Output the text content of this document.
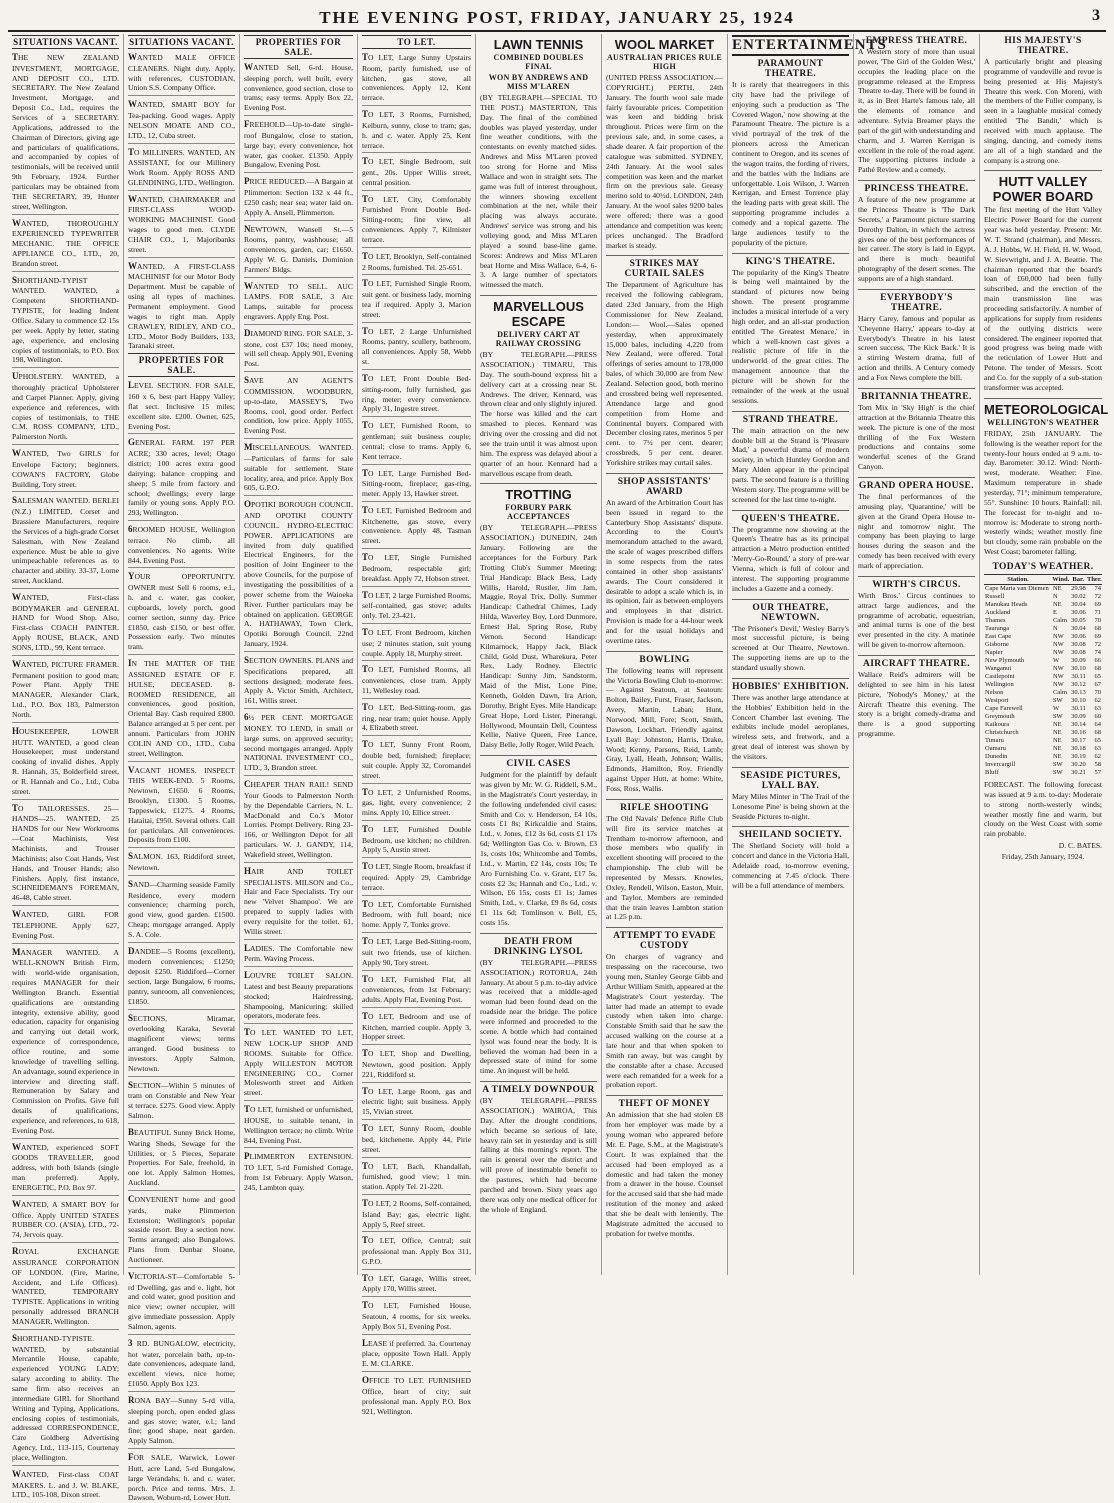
THE EVENING POST, FRIDAY, JANUARY 25, 1924	3
SITUATIONS VACANT.

THE NEW ZEALAND INVESTMENT, MORTGAGE, AND DEPOSIT CO., LTD. SECRETARY. The New Zealand Investment, Mortgage, and Deposit Co., Ltd., requires the Services of a SECRETARY. Applications, addressed to the Chairman of Directors, giving age and particulars of qualifications, and accompanied by copies of testimonials, will be received until 9th February, 1924. Further particulars may be obtained from THE SECRETARY, 39, Hunter street, Wellington.

WANTED, THOROUGHLY EXPERIENCED TYPEWRITER MECHANIC. THE OFFICE APPLIANCE CO., LTD., 20, Brandon street.

SHORTHAND-TYPIST WANTED. WANTED, a Competent SHORTHAND-TYPISTE, for leading Indent Office. Salary to commence £2 15s per week. Apply by letter, stating age, experience, and enclosing copies of testimonials, to P.O. Box 198, Wellington.

UPHOLSTERY. WANTED, a thoroughly practical Upholsterer and Carpet Planner. Apply, giving experience and references, with copies of testimonials, to THE C.M. ROSS COMPANY, LTD., Palmerston North.

WANTED, Two GIRLS for Envelope Factory; beginners. COWAN'S FACTORY, Globe Building, Tory street.

SALESMAN WANTED. BERLEI (N.Z.) LIMITED, Corset and Brassiere Manufacturers, require the Services of a high-grade Corset Salesman, with New Zealand experience. Must be able to give unimpeachable references as to character and ability. 33-37, Lorne street, Auckland.

WANTED, First-class BODYMAKER and GENERAL HAND for Wood Shop. Also, First-class COACH PAINTER. Apply ROUSE, BLACK, AND SONS, LTD., 99, Kent terrace.

WANTED, PICTURE FRAMER. Permanent position to good man; Power Plant. Apply THE MANAGER, Alexander Clark, Ltd., P.O. Box 183, Palmerston North.

HOUSEKEEPER, LOWER HUTT. WANTED, a good clean Housekeeper; must understand cooking of invalid dishes. Apply R. Hannah, 35, Bolderfield street, or R. Hannah and Co., Ltd., Cuba street.

TO TAILORESSES. 25—HANDS—25. WANTED, 25 HANDS for our New Workrooms—Coat Machinists, Vest Machinists, and Trouser Machinists; also Coat Hands, Vest Hands, and Trouser Hands; also Finishers. Apply, first instance, SCHNEIDEMAN'S FOREMAN, 46-48, Cable street.

WANTED, GIRL FOR TELEPHONE. Apply 627, Evening Post.

MANAGER WANTED. A WELL-KNOWN British Firm, with world-wide organisation, requires MANAGER for their Wellington Branch. Essential qualifications are outstanding integrity, extensive ability, good education, capacity for organising and carrying out detail work, experience of correspondence, office routine, and some knowledge of travelling selling. An advantage, sound experience in interview and directing staff. Remuneration by Salary and Commission on Profits. Give full details of qualifications, experience, and references, to 618, Evening Post.

WANTED, experienced SOFT GOODS TRAVELLER, good address, with both Islands (single man preferred). Apply, ENERGETIC, P.O. Box 97.

WANTED, A SMART BOY for Office. Apply UNITED STATES RUBBER CO. (A'SIA), LTD., 72-74, Jervois quay.

ROYAL EXCHANGE ASSURANCE CORPORATION OF LONDON. (Fire, Marine, Accident, and Life Offices). WANTED, TEMPORARY TYPISTE. Applications in writing personally addressed BRANCH MANAGER, Wellington.

SHORTHAND-TYPISTE. WANTED, by substantial Mercantile House, capable, experienced YOUNG LADY; salary according to ability. The same firm also receives an intermediate GIRL for Shorthand Writing and Typing, Applications, enclosing copies of testimonials, addressed CORRESPONDENCE, Care Goldberg Advertising Agency, Ltd., 113-115, Courtenay place, Wellington.

WANTED, First-class COAT MAKERS. L. and J. W. BLAKE, LTD., 105-108, Dixon street.

SITUATIONS VACANT.

WANTED MALE OFFICE CLEANERS. Night duty. Apply, with references, CUSTODIAN, Union S.S. Company Office.

WANTED, SMART BOY for Tea-packing. Good wages. Apply NELSON MOATE AND CO., LTD., 12, Cuba street.

TO MILLINERS. WANTED, AN ASSISTANT, for our Millinery Work Room. Apply ROSS AND GLENDINING, LTD., Wellington.

WANTED, CHAIRMAKER and FIRST-CLASS WOOD-WORKING MACHINIST. Good wages to good men. CLYDE CHAIR CO., 1, Majoribanks street.

WANTED, A FIRST-CLASS MACHINIST for our Motor Body Department. Must be capable of using all types of machines. Permanent employment. Good wages to right man. Apply CRAWLEY, RIDLEY, AND CO., LTD., Motor Body Builders, 133, Taranaki street.

PROPERTIES FOR SALE.

LEVEL SECTION. FOR SALE, 160 x 6, best part Happy Valley; flat sect. Inclusive 15 miles; excellent site. £200. Owner, 625, Evening Post.

GENERAL FARM. 197 PER ACRE; 330 acres, level; Otago district; 100 acres extra good dairying; balance cropping and sheep; 5 mile from factory and school; dwellings; every large family or young sons. Apply P.O. 293, Wellington.

6ROOMED HOUSE, Wellington terrace. No climb, all conveniences. No agents. Write 844, Evening Post.

YOUR OPPORTUNITY. OWNER must Sell 6 rooms, e.l., h. and c. water, gas cooker, cupboards, lovely porch, good corner section, sunny day. Price £1850, cash £150, or best offer. Possession early. Two minutes tram.

IN THE MATTER OF THE ASSIGNED ESTATE OF F. HULSE, DECEASED. 8-ROOMED RESIDENCE, all conveniences, good position, Oriental Bay. Cash required £800. Balance arranged at 5 per cent. per annum. Particulars from JOHN COLIN AND CO., LTD., Cuba street, Wellington.

VACANT HOMES. INSPECT THIS WEEK-END. 5 Rooms, Newtown, £1650. 6 Rooms, Brooklyn, £1300. 5 Rooms, Tappeswick, £1275. 4 Rooms, Hataitai, £950. Several others. Call for particulars. All conveniences. Deposits from £100.

SALMON. 163, Riddiford street, Newtown.

SAND—Charming seaside Family Residence, every modern convenience; charming porch, good view, good garden. £1500. Cheap; mortgage arranged. Apply S. A. Cole.

DANDEE—5 Rooms (excellent), modern conveniences; £1250; deposit £250. Riddiford—Corner section, large Bungalow, 6 rooms, pantry, sunroom, all conveniences; £1850.

SECTIONS, Miramar, overlooking Karaka, Several magnificent views; terms arranged. Good business to investors. Apply Salmon, Newtown.

SECTION—Within 5 minutes of tram on Constable and New Year st terrace. £275. Good view. Apply Salmon.

BEAUTIFUL Sunny Brick Home, Waring Sheds, Sewage for the Utilities, or 5 Pieces, Separate Properties. For Sale, freehold, in one lot. Apply Salmon Homes, Auckland.

CONVENIENT home and good yards, make Plimmerton Extension; Wellington's popular seaside resort. Buy a section now. Terms arranged; also Bungalows. Plans from Dunbar Sloane, Auctioneer.

VICTORIA-ST—Comfortable 5-rd Dwelling, gas and e. light, hot and cold water, good position and nice view; owner occupier, will give immediate possession. Apply Salmon, agents.

3 RD. BUNGALOW, electricity, hot water, porcelain bath, up-to-date conveniences, adequate land, excellent views, nice home; £1050. Apply Box 123.

RONA BAY—Sunny 5-rd villa, sleeping porch, open ended glass and gas stove; water, e.l.; land fine; good shape, neat garden. Apply Salmon.

FOR SALE, Warwick, Lower Hutt, acre Land, 5-rd Bungalow, large Verandahs, h. and c. water, porch. Price and terms. Mrs. J. Dawson, Woburn-rd, Lower Hutt.

PROPERTIES FOR SALE.

WANTED Sell, 6-rd. House, sleeping porch, well built, every convenience, good section, close to trams; easy terms. Apply Box 22, Evening Post.

FREEHOLD—Up-to-date single-roof Bungalow, close to station, large bay; every convenience, hot water, gas cooker. £1350. Apply Bungalow, Evening Post.

PRICE REDUCED.—A Bargain at Plimmerton: Section 132 x 44 ft., £250 cash; near sea; water laid on. Apply A. Ansell, Plimmerton.

NEWTOWN, Wansell St.—5 Rooms, pantry, washhouse; all conveniences, garden, car; £1650. Apply W. G. Daniels, Dominion Farmers' Bldgs.

WANTED TO SELL. AUC LAMPS. FOR SALE, 3 Arc Lamps, suitable for process engravers. Apply Eng. Post.

DIAMOND RING. FOR SALE, 3-stone, cost £37 10s; need money, will sell cheap. Apply 901, Evening Post.

SAVE AN AGENT'S COMMISSION. WOODBURN, up-to-date, MASSEY'S, Two Rooms, cool, good order. Perfect condition, low price. Apply 1055, Evening Post.

MISCELLANEOUS. WANTED.—Particulars of farms for sale suitable for settlement. State locality, area, and price. Apply Box 605, G.P.O.

OPOTIKI BOROUGH COUNCIL AND OPOTIKI COUNTY COUNCIL. HYDRO-ELECTRIC POWER. APPLICATIONS are invited from duly qualified Electrical Engineers, for the position of Joint Engineer to the above Councils, for the purpose of investigating the possibilities of a power scheme from the Waioeka River. Further particulars may be obtained on application. GEORGE A. HATHAWAY, Town Clerk, Opotiki Borough Council. 22nd January, 1924.

SECTION OWNERS. PLANS and Specifications prepared, all sections designed; moderate fees. Apply A. Victor Smith, Architect, 161, Willis street.

6½ PER CENT. MORTGAGE MONEY. TO LEND, in small or large sums, on approved security; second mortgages arranged. Apply NATIONAL INVESTMENT CO., LTD., 3, Brandon street.

CHEAPER THAN RAIL! SEND Your Goods to Palmerston North by the Dependable Carriers, N. L. MacDonald and Co.'s Motor Lorries. Prompt Delivery. Ring 23-166, or Wellington Depot for all particulars. W. J. GANDY, 114, Wakefield street, Wellington.

HAIR AND TOILET SPECIALISTS. MILSON and Co., Hair and Face Specialists. Try our new 'Velvet Shampoo'. We are prepared to supply ladies with every requisite for the toilet. 61, Willis street.

LADIES. The Comfortable new Perm. Waving Process.

LOUVRE TOILET SALON. Latest and best Beauty preparations stocked; Hairdressing, Shampooing, Manicuring; skilled operators, moderate fees.

TO LET. WANTED TO LET, NEW LOCK-UP SHOP AND ROOMS. Suitable for Office. Apply WILLESTON MOTOR ENGINEERING CO., Corner Molesworth street and Aitken street.

TO LET, furnished or unfurnished, HOUSE, to suitable tenant, in Wellington terrace; no climb. Write 844, Evening Post.

PLIMMERTON EXTENSION. TO LET, 5-rd Furnished Cottage, from 1st February. Apply Watson, 245, Lambton quay.

TO LET.

TO LET, Large Sunny Upstairs Room, partly furnished, use of kitchen, gas stove, all conveniences. Apply 12, Kent terrace.

TO LET, 3 Rooms, Furnished, Kelburn, sunny, close to tram; gas, h. and c. water. Apply 25, Kent terrace.

TO LET, Single Bedroom, suit gent., 20s. Upper Willis street, central position.

TO LET, City, Comfortably Furnished Front Double Bed-Sitting-room; fine view, all conveniences. Apply 7, Kilmister terrace.

TO LET, Brooklyn, Self-contained 2 Rooms, furnished. Tel. 25-651.

TO LET, Furnished Single Room, suit gent. or business lady, morning tea if required. Apply 3, Marion street.

TO LET, 2 Large Unfurnished Rooms, pantry, scullery, bathroom, all conveniences. Apply 58, Webb st.

TO LET, Front Double Bed-sitting-room, fully furnished, gas ring, meter; every convenience. Apply 31, Ingestre street.

TO LET, Furnished Room, to gentleman; suit business couple; central; close to trams. Apply 6, Kent terrace.

TO LET, Large Furnished Bed-Sitting-room, fireplace; gas-ring, meter. Apply 13, Hawker street.

TO LET, Furnished Bedroom and Kitchenette, gas stove, every convenience. Apply 48, Tasman street.

TO LET, Single Furnished Bedroom, respectable girl; breakfast. Apply 72, Hobson street.

TO LET, 2 large Furnished Rooms, self-contained, gas stove; adults only. Tel. 23-421.

TO LET, Front Bedroom, kitchen use; 2 minutes station, suit young couple. Apply 18, Murphy street.

TO LET, Furnished Rooms, all conveniences, close tram. Apply 11, Wellesley road.

TO LET, Bed-Sitting-room, gas ring, near tram; quiet house. Apply 4, Elizabeth street.

TO LET, Sunny Front Room, double bed, furnished; fireplace; suit couple. Apply 32, Coromandel street.

TO LET, 2 Unfurnished Rooms, gas, light, every convenience; 2 mins. Apply 10, Ellice street.

TO LET, Furnished Double Bedroom, use kitchen; no children. Apply 5, Austin street.

TO LET, Single Room, breakfast if required. Apply 29, Cambridge terrace.

TO LET, Comfortable Furnished Bedroom, with full board; nice home. Apply 7, Tonks grove.

TO LET, Large Bed-Sitting-room, suit two friends, use of kitchen. Apply 90, Tory street.

TO LET, Furnished Flat, all conveniences, from 1st February; adults. Apply Flat, Evening Post.

TO LET, Bedroom and use of Kitchen, married couple. Apply 3, Hopper street.

TO LET, Shop and Dwelling, Newtown, good position. Apply 221, Riddiford st.

TO LET, Large Room, gas and electric light; suit business. Apply 15, Vivian street.

TO LET, Sunny Room, double bed, kitchenette. Apply 44, Pirie street.

TO LET, Bach, Khandallah, furnished, good view; 1 min. station. Apply Tel. 21-220.

TO LET, 2 Rooms, Self-contained, Island Bay; gas, electric light. Apply 5, Reef street.

TO LET, Office, Central; suit professional man. Apply Box 311, G.P.O.

TO LET, Garage, Willis street, Apply 170, Willis street.

TO LET, Furnished House, Seatoun, 4 rooms, for six weeks. Apply Box 51, Evening Post.

LEASE if preferred. 3a. Courtenay place, opposite Town Hall. Apply E. M. CLARKE.

OFFICE TO LET. FURNISHED Office, heart of city; suit professional man. Apply P.O. Box 921, Wellington.

LAWN TENNIS
COMBINED DOUBLES FINAL
WON BY ANDREWS AND MISS M'LAREN

(BY TELEGRAPH.—SPECIAL TO THE POST.) MASTERTON, This Day. The final of the combined doubles was played yesterday, under fine weather conditions, with the contestants on evenly matched sides. Andrews and Miss M'Laren proved too strong for Horne and Miss Wallace and won in straight sets. The game was full of interest throughout, the winners showing excellent combination at the net, while their placing was always accurate. Andrews' service was strong and his volleying good, and Miss M'Laren played a sound base-line game. Scores: Andrews and Miss M'Laren beat Horne and Miss Wallace, 6-4, 6-3. A large number of spectators witnessed the match.

MARVELLOUS ESCAPE
DELIVERY CART AT RAILWAY CROSSING

(BY TELEGRAPH.—PRESS ASSOCIATION.) TIMARU, This Day. The south-bound express hit a delivery cart at a crossing near St. Andrews. The driver, Kennard, was thrown clear and only slightly injured. The horse was killed and the cart smashed to pieces. Kennard was driving over the crossing and did not see the train until it was almost upon him. The express was delayed about a quarter of an hour. Kennard had a marvellous escape from death.

TROTTING
FORBURY PARK ACCEPTANCES

(BY TELEGRAPH.—PRESS ASSOCIATION.) DUNEDIN, 24th January. Following are the acceptances for the Forbury Park Trotting Club's Summer Meeting: Trial Handicap: Black Bess, Lady Willis, Harold, Rustler, Jim Jam, Maggie, Royal Trix, Dolly. Summer Handicap: Cathedral Chimes, Lady Hilda, Waverley Boy, Lord Dunmore, Ernest Hal, Spring Rose, Ruby Vernon. Second Handicap: Kilmarnock, Happy Jack, Black Child, Gold Dust, Wharekura, Peter Rex, Lady Rodney. Electric Handicap: Sunny Jim, Sandstorm, Maid of the Mist, Lone Pine, Kenneth, Golden Dawn, Ira Arion, Dorothy, Bright Eyes. Mile Handicap: Great Hope, Lord Lister, Pinerangi, Hollywood, Mountain Dell, Countess Kellie, Native Queen, Free Lance, Daisy Belle, Jolly Roger, Wild Peach.

CIVIL CASES

Judgment for the plaintiff by default was given by Mr. W. G. Riddell, S.M., in the Magistrate's Court yesterday, in the following undefended civil cases: Smith and Co. v. Henderson, £4 10s, costs £1 8s; Kirkcaldie and Stains, Ltd., v. Jones, £12 3s 6d, costs £1 17s 6d; Wellington Gas Co. v. Brown, £3 1s, costs 10s; Whitcombe and Tombs, Ltd., v. Martin, £2 14s, costs 10s; Te Aro Furnishing Co. v. Grant, £17 5s, costs £2 3s; Hannah and Co., Ltd., v. Wilson, £6 15s, costs £1 1s; James Smith, Ltd., v. Clarke, £9 8s 6d, costs £1 11s 6d; Tomlinson v. Bell, £5, costs 15s.

DEATH FROM DRINKING LYSOL

(BY TELEGRAPH.—PRESS ASSOCIATION.) ROTORUA, 24th January. At about 5 p.m. to-day advice was received that a middle-aged woman had been found dead on the roadside near the bridge. The police were informed and proceeded to the scene. A bottle which had contained lysol was found near the body. It is believed the woman had been in a depressed state of mind for some time. An inquest will be held.

A TIMELY DOWNPOUR

(BY TELEGRAPH.—PRESS ASSOCIATION.) WAIROA, This Day. After the drought conditions, which became so serious of late, heavy rain set in yesterday and is still falling at this morning's report. The rain is general over the district and will prove of inestimable benefit to the pastures, which had become parched and brown. Sixty years ago there was only one medical officer for the whole of England.

WOOL MARKET
AUSTRALIAN PRICES RULE HIGH

(UNITED PRESS ASSOCIATION.—COPYRIGHT.) PERTH, 24th January. The fourth wool sale made fairly favourable prices. Competition was keen and bidding brisk throughout. Prices were firm on the previous sale, and, in some cases, a shade dearer. A fair proportion of the catalogue was submitted. SYDNEY, 24th January. At the wool sales competition was keen and the market firm on the previous sale. Greasy merino sold to 40½d. LONDON, 24th January. At the wool sales 9200 bales were offered; there was a good attendance and competition was keen; prices unchanged. The Bradford market is steady.

STRIKES MAY CURTAIL SALES

The Department of Agriculture has received the following cablegram, dated 23rd January, from the High Commissioner for New Zealand, London:— Wool.—Sales opened yesterday, when approximately 15,000 bales, including 4,220 from New Zealand, were offered. Total offerings of series amount to 178,000 bales, of which 30,000 are from New Zealand. Selection good, both merino and crossbred being well represented. Attendance large and good competition from Home and Continental buyers. Compared with December closing rates, merinos 5 per cent. to 7½ per cent. dearer; crossbreds, 5 per cent. dearer. Yorkshire strikes may curtail sales.

SHOP ASSISTANTS' AWARD

An award of the Arbitration Court has been issued in regard to the Canterbury Shop Assistants' dispute. According to the Court's memorandum attached to the award, the scale of wages prescribed differs in some respects from the rates contained in other shop assistants' awards. The Court considered it desirable to adopt a scale which is, in its opinion, fair as between employers and employees in that district. Provision is made for a 44-hour week and for the usual holidays and overtime rates.

BOWLING

The following teams will represent the Victoria Bowling Club to-morrow:— Against Seatoun, at Seatoun: Bolton, Bailey, Furst, Fraser, Jackson, Avery, Martin, Laban; Hunt, Norwood, Mill, Fore; Scott, Smith, Dawson, Lockhart. Friendly against Lyall Bay: Johnston, Harris, Drake, Wood; Kenny, Parsons, Reid, Lamb; Gray, Lyall, Heath, Johnson; Wallis, Edmonds, Hamilton, Roy. Friendly against Upper Hutt, at home: White, Foss, Ross, Wallis.

RIFLE SHOOTING

The Old Navals' Defence Rifle Club will fire its service matches at Trentham to-morrow afternoon, and those members who qualify in excellent shooting will proceed to the championship. The club will be represented by Messrs. Knowles, Oxley, Rendell, Wilson, Easton, Muir, and Taylor. Members are reminded that the train leaves Lambton station at 1.25 p.m.

ATTEMPT TO EVADE CUSTODY

On charges of vagrancy and trespassing on the racecourse, two young men, Stanley George Gibb and Arthur William Smith, appeared at the Magistrate's Court yesterday. The latter had made an attempt to evade custody when taken into charge. Constable Smith said that he saw the accused walking on the course at a late hour and that when spoken to Smith ran away, but was caught by the constable after a chase. Accused were each remanded for a week for a probation report.

THEFT OF MONEY

An admission that she had stolen £8 from her employer was made by a young woman who appeared before Mr. E. Page, S.M., at the Magistrate's Court. It was explained that the accused had been employed as a domestic and had taken the money from a drawer in the house. Counsel for the accused said that she had made restitution of the money and asked that she be dealt with leniently. The Magistrate admitted the accused to probation for twelve months.

ENTERTAINMENTS
PARAMOUNT THEATRE.

It is rarely that theatregoers in this city have had the privilege of enjoying such a production as 'The Covered Wagon,' now showing at the Paramount Theatre. The picture is a vivid portrayal of the trek of the pioneers across the American continent to Oregon, and its scenes of the wagon trains, the fording of rivers, and the battles with the Indians are unforgettable. Lois Wilson, J. Warren Kerrigan, and Ernest Torrence play the leading parts with great skill. The supporting programme includes a comedy and a topical gazette. The large audiences testify to the popularity of the picture.

KING'S THEATRE.

The popularity of the King's Theatre is being well maintained by the standard of pictures now being shown. The present programme includes a musical interlude of a very high order, and an all-star production entitled 'The Greatest Menace,' in which a well-known cast gives a realistic picture of life in the underworld of the great cities. The management announce that the picture will be shown for the remainder of the week at the usual sessions.

STRAND THEATRE.

The main attraction on the new double bill at the Strand is 'Pleasure Mad,' a powerful drama of modern society, in which Huntley Gordon and Mary Alden appear in the principal parts. The second feature is a thrilling Western story. The programme will be screened for the last time to-night.

QUEEN'S THEATRE.

The programme now showing at the Queen's Theatre has as its principal attraction a Metro production entitled 'Merry-Go-Round,' a story of pre-war Vienna, which is full of colour and interest. The supporting programme includes a Gazette and a comedy.

OUR THEATRE, NEWTOWN.

'The Prisoner's Devil,' Wesley Barry's most successful picture, is being screened at Our Theatre, Newtown. The supporting items are up to the standard usually shown.

HOBBIES' EXHIBITION.

There was another large attendance at the Hobbies' Exhibition held in the Concert Chamber last evening. The exhibits include model aeroplanes, wireless sets, and fretwork, and a great deal of interest was shown by the visitors.

SEASIDE PICTURES, LYALL BAY.

Mary Miles Minter in 'The Trail of the Lonesome Pine' is being shown at the Seaside Pictures to-night.

SHEILAND SOCIETY.

The Shetland Society will hold a concert and dance in the Victoria Hall, Adelaide road, to-morrow evening, commencing at 7.45 o'clock. There will be a full attendance of members.

EMPRESS THEATRE.

A Western story of more than usual power, 'The Girl of the Golden West,' occupies the leading place on the programme released at the Empress Theatre to-day. There will be found in it, as in Bret Harte's famous tale, all the elements of romance and adventure. Sylvia Breamer plays the part of the girl with understanding and charm, and J. Warren Kerrigan is excellent in the role of the road agent. The supporting pictures include a Pathé Review and a comedy.

PRINCESS THEATRE.

A feature of the new programme at the Princess Theatre is 'The Dark Secrets,' a Paramount picture starring Dorothy Dalton, in which the actress gives one of the best performances of her career. The story is laid in Egypt, and there is much beautiful photography of the desert scenes. The supports are of a high standard.

EVERYBODY'S THEATRE.

Harry Carey, famous and popular as 'Cheyenne Harry,' appears to-day at Everybody's Theatre in his latest screen success, 'The Kick Back.' It is a stirring Western drama, full of action and thrills. A Century comedy and a Fox News complete the bill.

BRITANNIA THEATRE.

Tom Mix in 'Sky High' is the chief attraction at the Britannia Theatre this week. The picture is one of the most thrilling of the Fox Western productions and contains some wonderful scenes of the Grand Canyon.

GRAND OPERA HOUSE.

The final performances of the amusing play, 'Quarantine,' will be given at the Grand Opera House to-night and tomorrow night. The company has been playing to large houses during the season and the comedy has been received with every mark of appreciation.

WIRTH'S CIRCUS.

Wirth Bros.' Circus continues to attract large audiences, and the programme of acrobatic, equestrian, and animal turns is one of the best ever presented in the city. A matinée will be given to-morrow afternoon.

AIRCRAFT THEATRE.

Wallace Reid's admirers will be delighted to see him in his latest picture, 'Nobody's Money,' at the Aircraft Theatre this evening. The story is a bright comedy-drama and there is a good supporting programme.

HIS MAJESTY'S THEATRE.

A particularly bright and pleasing programme of vaudeville and revue is being presented at His Majesty's Theatre this week. Con Moreni, with the members of the Fuller company, is seen in a laughable musical comedy entitled 'The Bandit,' which is received with much applause. The singing, dancing, and comedy items are all of a high standard and the company is a strong one.

HUTT VALLEY POWER BOARD

The first meeting of the Hutt Valley Electric Power Board for the current year was held yesterday. Present: Mr. W. T. Strand (chairman), and Messrs. A. J. Hobbs, W. H. Field, H. W. Wood, W. Sievwright, and J. A. Beattie. The chairman reported that the board's loan of £60,000 had been fully subscribed, and the erection of the main transmission line was proceeding satisfactorily. A number of applications for supply from residents of the outlying districts were considered. The engineer reported that good progress was being made with the reticulation of Lower Hutt and Petone. The tender of Messrs. Scott and Co. for the supply of a sub-station transformer was accepted.

METEOROLOGICAL
WELLINGTON'S WEATHER

FRIDAY, 25th JANUARY. The following is the weather report for the twenty-four hours ended at 9 a.m. to-day. Barometer: 30.12. Wind: North-west, moderate. Weather: Fine. Maximum temperature in shade yesterday, 71°; minimum temperature, 55°. Sunshine: 10 hours. Rainfall: nil. The forecast for to-night and to-morrow is: Moderate to strong north-westerly winds; weather mostly fine but cloudy, some rain probable on the West Coast; barometer falling.

TODAY'S WEATHER.
Station.	Wind.	Bar.	Ther.
Cape Maria van Diemen	NE	29.98	74
Russell	N	30.02	72
Manukau Heads	NE	30.04	69
Auckland	E	30.06	71
Thames	Calm	30.05	70
Tauranga	N	30.04	68
East Cape	NW	30.06	69
Gisborne	NW	30.08	72
Napier	NW	30.08	74
New Plymouth	W	30.09	66
Wanganui	NW	30.10	68
Castlepoint	NW	30.11	65
Wellington	NW	30.12	67
Nelson	Calm	30.13	70
Westport	SW	30.10	62
Cape Farewell	W	30.11	63
Greymouth	SW	30.09	60
Kaikoura	NE	30.14	64
Christchurch	NE	30.16	68
Timaru	NE	30.17	65
Oamaru	NE	30.18	63
Dunedin	NE	30.19	62
Invercargill	SW	30.20	58
Bluff	SW	30.21	57

FORECAST. The following forecast was issued at 9 a.m. to-day: Moderate to strong north-westerly winds; weather mostly fine and warm, but cloudy on the West Coast with some rain probable.

D. C. BATES.
Friday, 25th January, 1924.
